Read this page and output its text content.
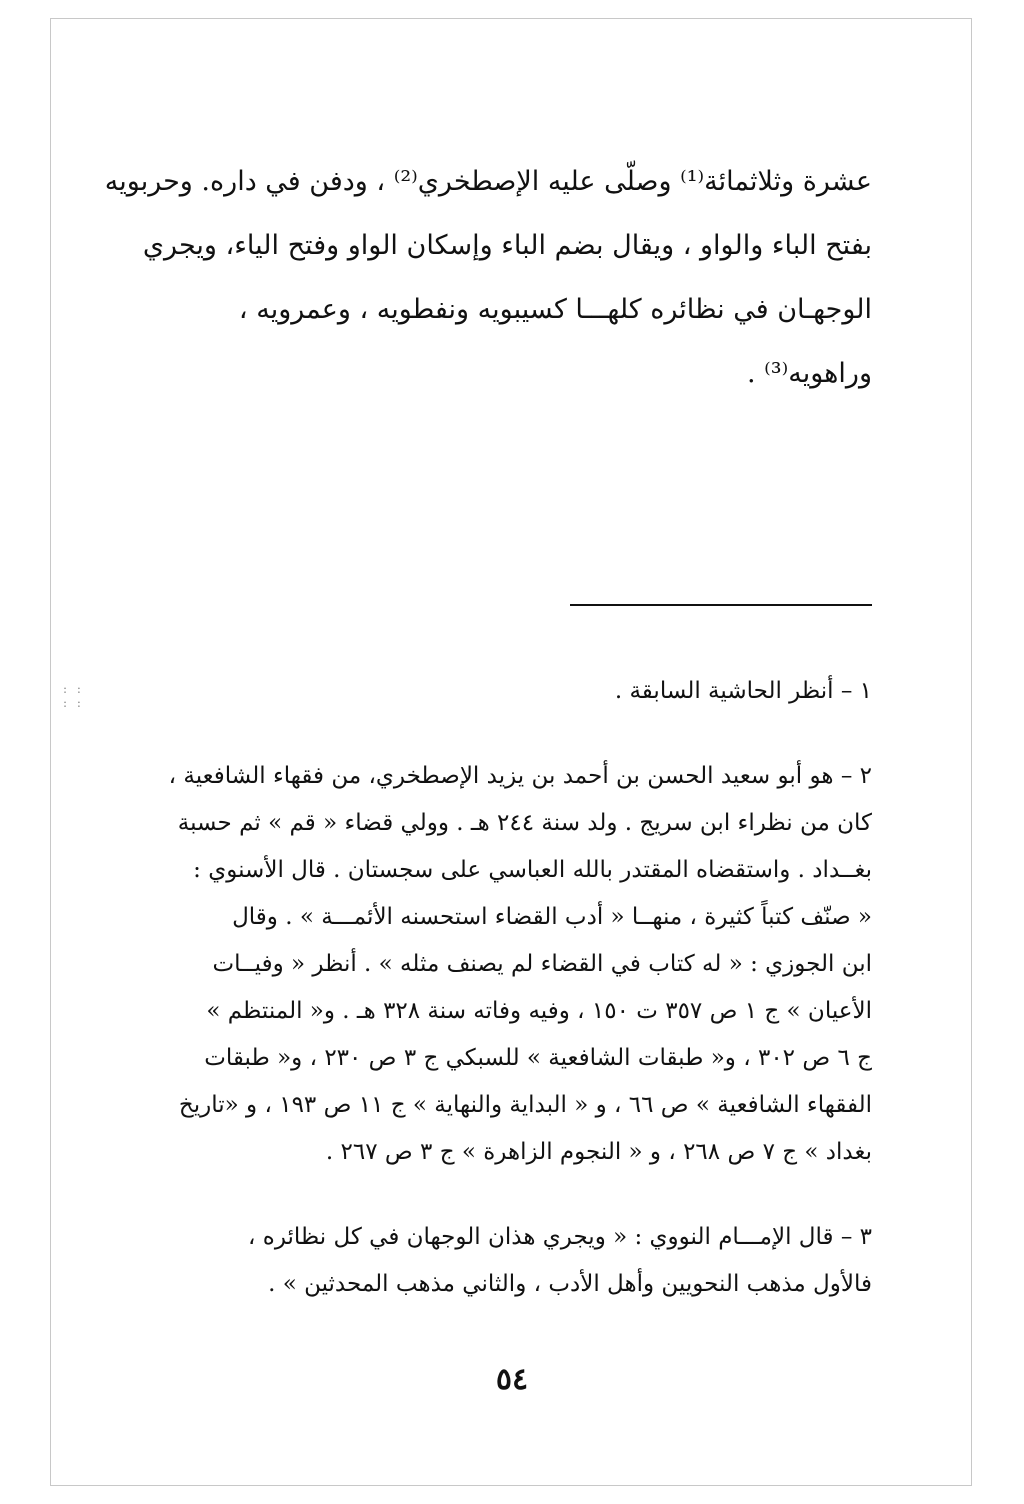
عشرة وثلاثمائة⁽¹⁾ وصلّى عليه الإصطخري⁽²⁾ ، ودفن في داره. وحربويه
بفتح الباء والواو ، ويقال بضم الباء وإسكان الواو وفتح الياء، ويجري
الوجهـان في نظائره كلهـــا كسيبويه ونفطويه ، وعمرويه ،
وراهويه⁽³⁾ .
: :
: :	١ – أنظر الحاشية السابقة .
٢ – هو أبو سعيد الحسن بن أحمد بن يزيد الإصطخري، من فقهاء الشافعية ،
كان من نظراء ابن سريج . ولد سنة ٢٤٤ هـ . وولي قضاء « قم » ثم حسبة
بغــداد . واستقضاه المقتدر بالله العباسي على سجستان . قال الأسنوي :
« صنّف كتباً كثيرة ، منهــا « أدب القضاء استحسنه الأئمـــة » . وقال
ابن الجوزي : « له كتاب في القضاء لم يصنف مثله » . أنظر « وفيــات
الأعيان » ج ١ ص ٣٥٧ ت ١٥٠ ، وفيه وفاته سنة ٣٢٨ هـ . و« المنتظم »
ج ٦ ص ٣٠٢ ، و« طبقات الشافعية » للسبكي ج ٣ ص ٢٣٠ ، و« طبقات
الفقهاء الشافعية » ص ٦٦ ، و « البداية والنهاية » ج ١١ ص ١٩٣ ، و «تاريخ
بغداد » ج ٧ ص ٢٦٨ ، و « النجوم الزاهرة » ج ٣ ص ٢٦٧ .
٣ – قال الإمـــام النووي : « ويجري هذان الوجهان في كل نظائره ،
فالأول مذهب النحويين وأهل الأدب ، والثاني مذهب المحدثين » .
٥٤
